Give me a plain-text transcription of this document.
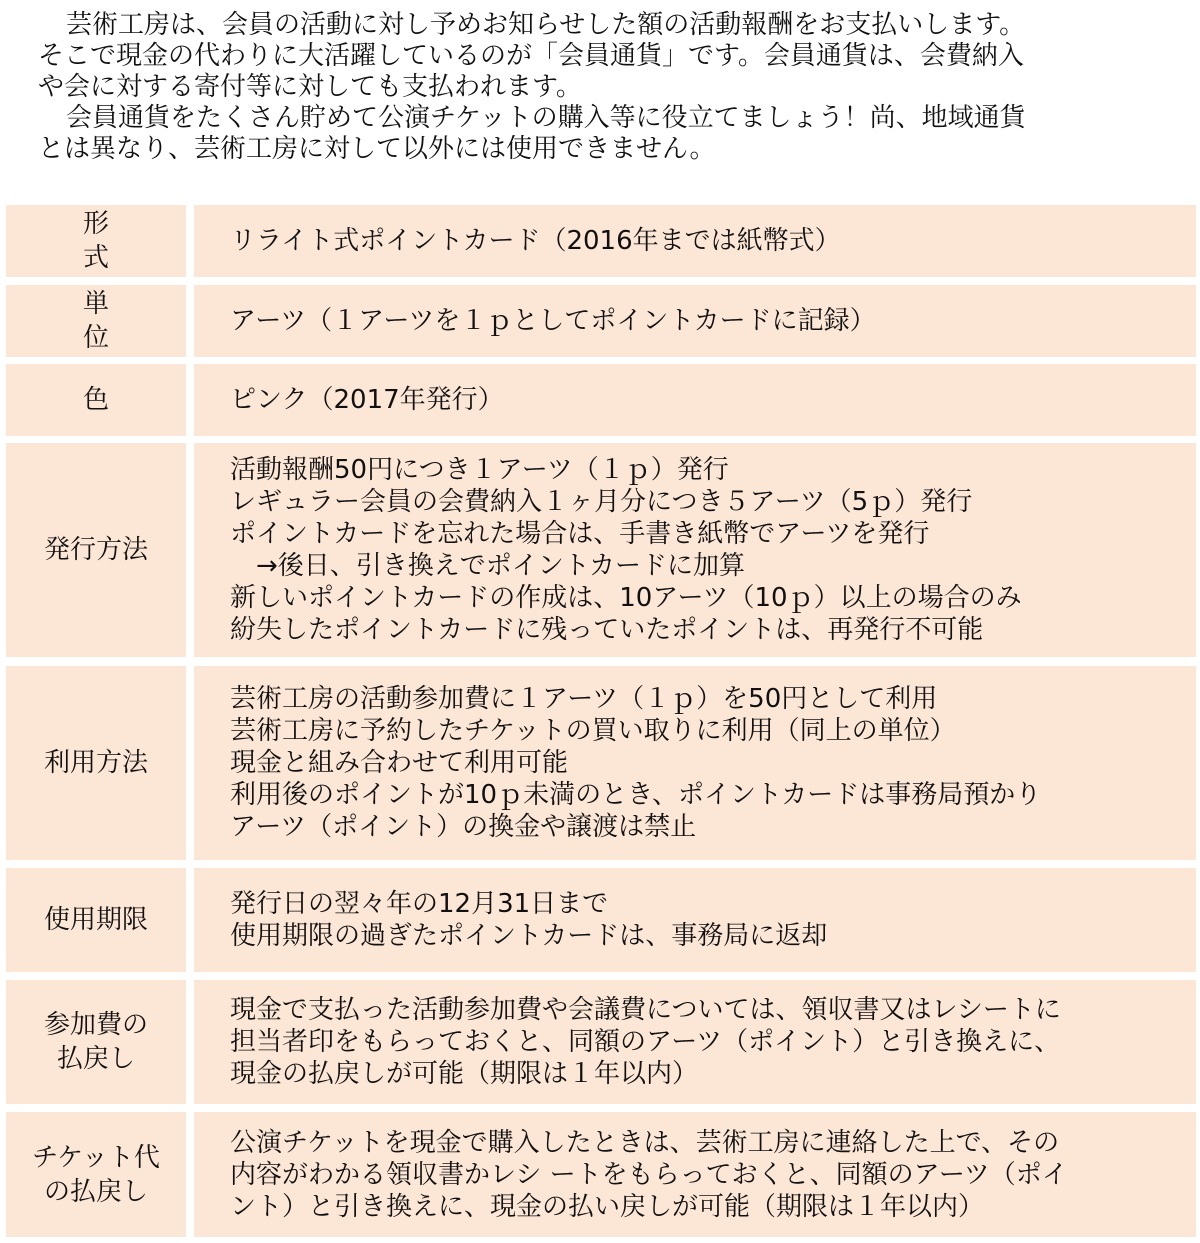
芸術工房は、会員の活動に対し予めお知らせした額の活動報酬をお支払いします。
そこで現金の代わりに大活躍しているのが「会員通貨」です。会員通貨は、会費納入
や会に対する寄付等に対しても支払われます。

会員通貨をたくさん貯めて公演チケットの購入等に役立てましょう！尚、地域通貨
とは異なり、芸術工房に対して以外には使用できません。

形式
リライト式ポイントカード（2016年までは紙幣式）
単位
アーツ（１アーツを１ｐとしてポイントカードに記録）
色	ピンク（2017年発行）
発行方法
活動報酬50円につき１アーツ（１ｐ）発行
レギュラー会員の会費納入１ヶ月分につき５アーツ（5ｐ）発行
ポイントカードを忘れた場合は、手書き紙幣でアーツを発行
　→後日、引き換えでポイントカードに加算
新しいポイントカードの作成は、10アーツ（10ｐ）以上の場合のみ
紛失したポイントカードに残っていたポイントは、再発行不可能
利用方法
芸術工房の活動参加費に１アーツ（１ｐ）を50円として利用
芸術工房に予約したチケットの買い取りに利用（同上の単位）
現金と組み合わせて利用可能
利用後のポイントが10ｐ未満のとき、ポイントカードは事務局預かり
アーツ（ポイント）の換金や譲渡は禁止
使用期限
発行日の翌々年の12月31日まで
使用期限の過ぎたポイントカードは、事務局に返却
参加費の
払戻し
現金で支払った活動参加費や会議費については、領収書又はレシートに
担当者印をもらっておくと、同額のアーツ（ポイント）と引き換えに、
現金の払戻しが可能（期限は１年以内）
チケット代
の払戻し
公演チケットを現金で購入したときは、芸術工房に連絡した上で、その
内容がわかる領収書かレシ ートをもらっておくと、同額のアーツ（ポイ
ント）と引き換えに、現金の払い戻しが可能（期限は１年以内）
